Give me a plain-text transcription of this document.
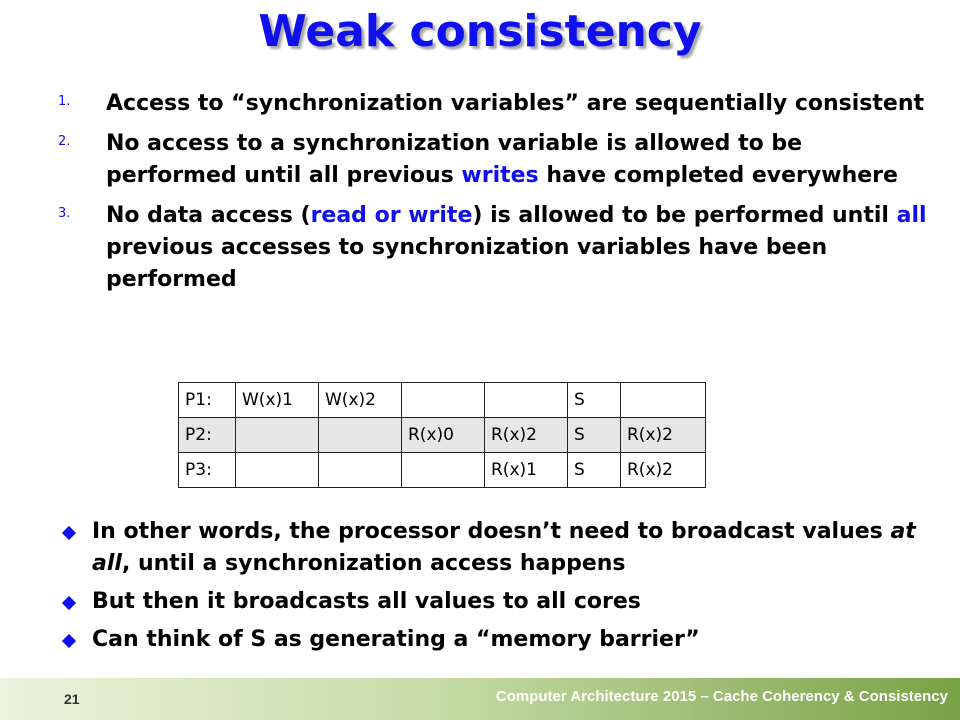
Weak consistency
1. Access to “synchronization variables” are sequentially consistent
2. No access to a synchronization variable is allowed to be performed until all previous writes have completed everywhere
3. No data access (read or write) is allowed to be performed until all previous accesses to synchronization variables have been performed
P1:	W(x)1	W(x)2			S	
P2:			R(x)0	R(x)2	S	R(x)2
P3:				R(x)1	S	R(x)2
In other words, the processor doesn’t need to broadcast values at all, until a synchronization access happens
But then it broadcasts all values to all cores
Can think of S as generating a “memory barrier”
21	Computer Architecture 2015 – Cache Coherency & Consistency
